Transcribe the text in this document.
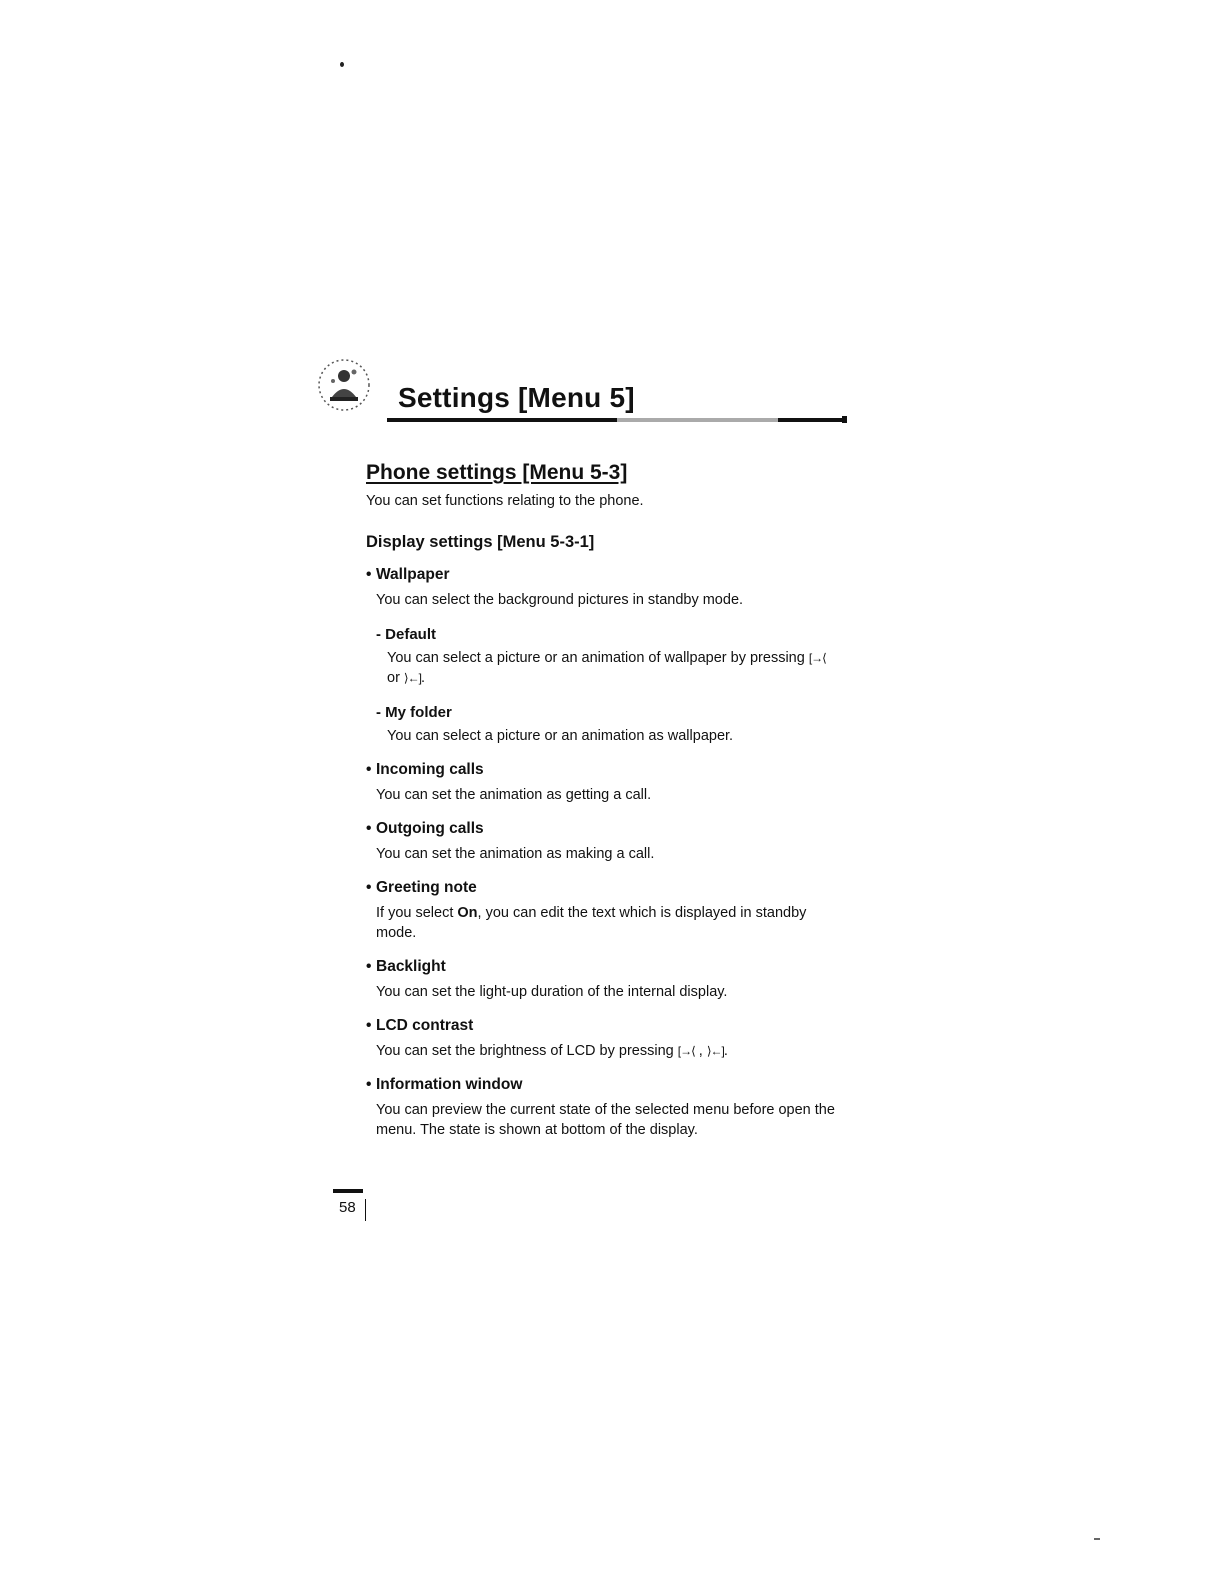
Settings [Menu 5]
Phone settings [Menu 5-3]

You can set functions relating to the phone.

Display settings [Menu 5-3-1]
• Wallpaper
You can select the background pictures in standby mode.
- Default
You can select a picture or an animation of wallpaper by pressing [→⟨ or ⟩←].
- My folder
You can select a picture or an animation as wallpaper.
• Incoming calls
You can set the animation as getting a call.
• Outgoing calls
You can set the animation as making a call.
• Greeting note
If you select On, you can edit the text which is displayed in standby mode.
• Backlight
You can set the light-up duration of the internal display.
• LCD contrast
You can set the brightness of LCD by pressing [→⟨ , ⟩←].
• Information window
You can preview the current state of the selected menu before open the menu. The state is shown at bottom of the display.
58
